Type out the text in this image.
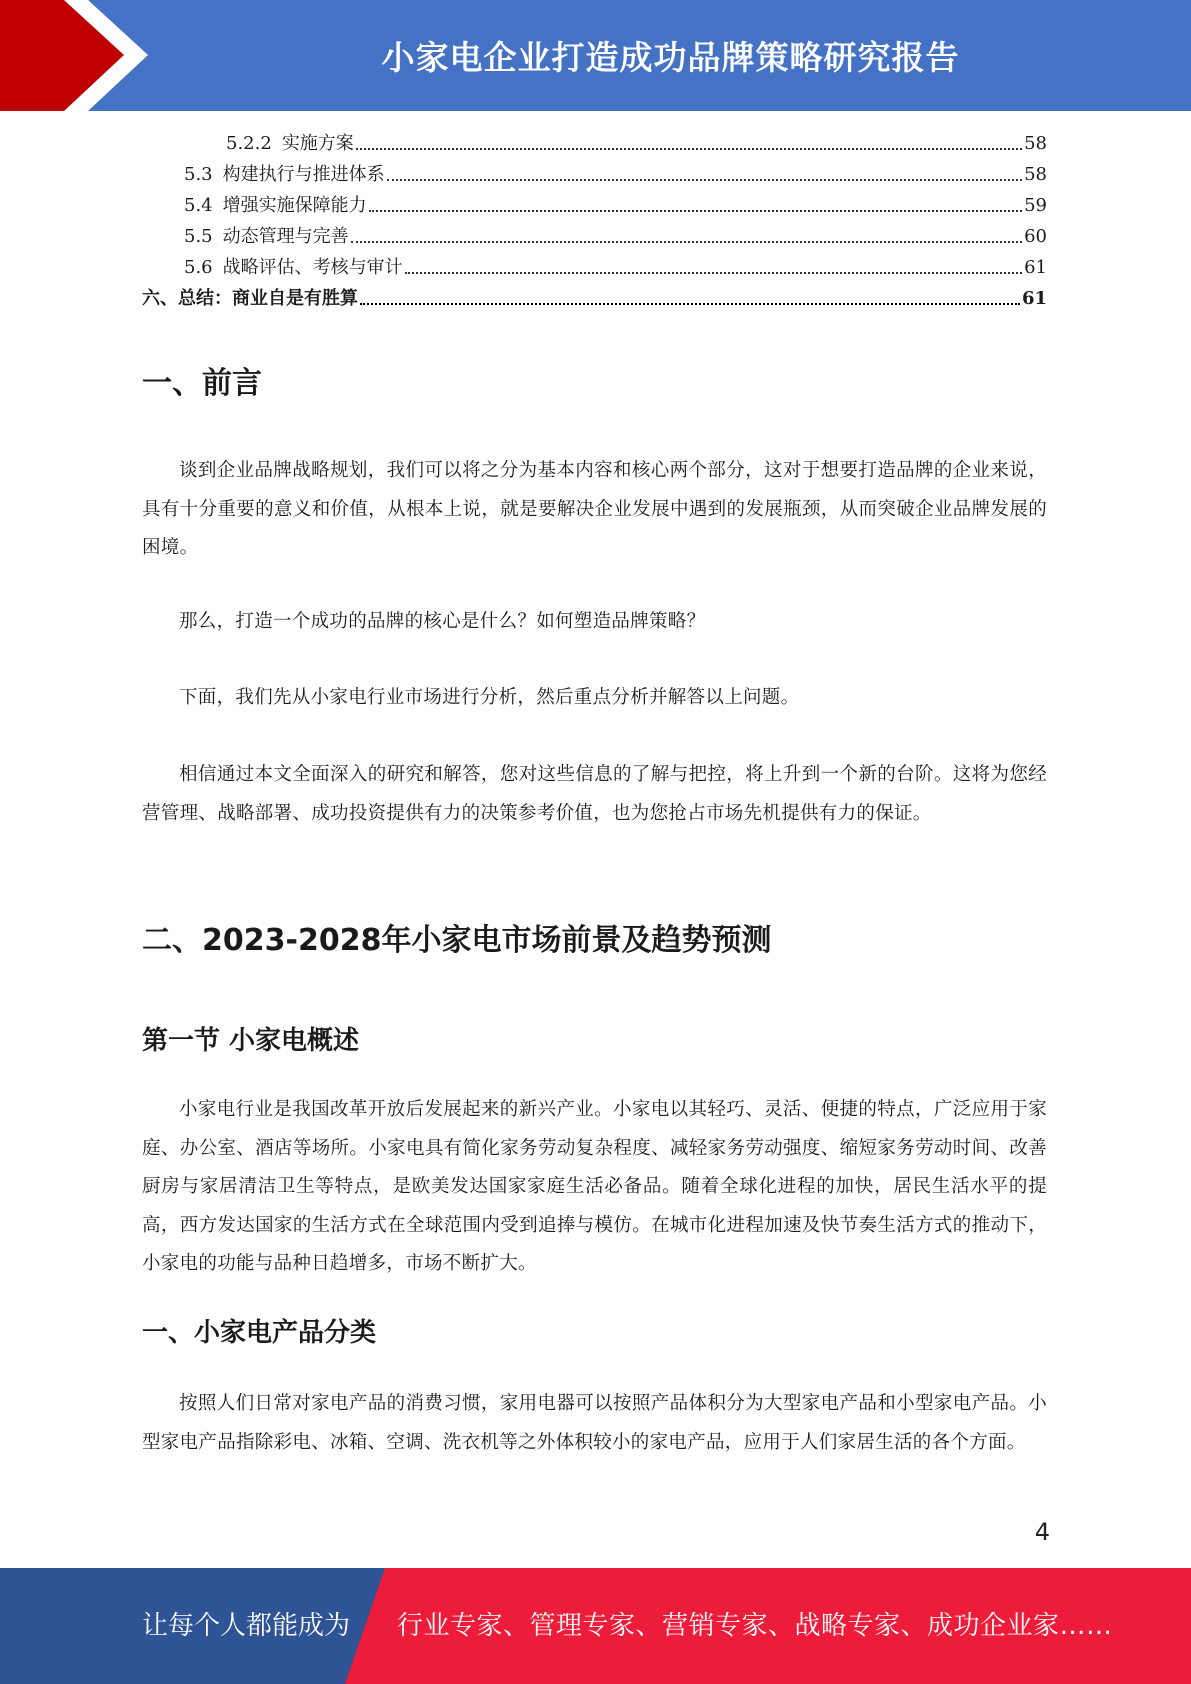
小家电企业打造成功品牌策略研究报告
5.2.2 实施方案	58
5.3 构建执行与推进体系	58
5.4 增强实施保障能力	59
5.5 动态管理与完善	60
5.6 战略评估、考核与审计	61
六、总结：商业自是有胜算	61
一、前言

谈到企业品牌战略规划，我们可以将之分为基本内容和核心两个部分，这对于想要打造品牌的企业来说，具有十分重要的意义和价值，从根本上说，就是要解决企业发展中遇到的发展瓶颈，从而突破企业品牌发展的困境。

那么，打造一个成功的品牌的核心是什么？如何塑造品牌策略？

下面，我们先从小家电行业市场进行分析，然后重点分析并解答以上问题。

相信通过本文全面深入的研究和解答，您对这些信息的了解与把控，将上升到一个新的台阶。这将为您经营管理、战略部署、成功投资提供有力的决策参考价值，也为您抢占市场先机提供有力的保证。

二、2023-2028年小家电市场前景及趋势预测
第一节 小家电概述

小家电行业是我国改革开放后发展起来的新兴产业。小家电以其轻巧、灵活、便捷的特点，广泛应用于家庭、办公室、酒店等场所。小家电具有简化家务劳动复杂程度、减轻家务劳动强度、缩短家务劳动时间、改善厨房与家居清洁卫生等特点，是欧美发达国家家庭生活必备品。随着全球化进程的加快，居民生活水平的提高，西方发达国家的生活方式在全球范围内受到追捧与模仿。在城市化进程加速及快节奏生活方式的推动下，小家电的功能与品种日趋增多，市场不断扩大。

一、小家电产品分类

按照人们日常对家电产品的消费习惯，家用电器可以按照产品体积分为大型家电产品和小型家电产品。小型家电产品指除彩电、冰箱、空调、洗衣机等之外体积较小的家电产品，应用于人们家居生活的各个方面。

4
让每个人都能成为 行业专家、管理专家、营销专家、战略专家、成功企业家……
